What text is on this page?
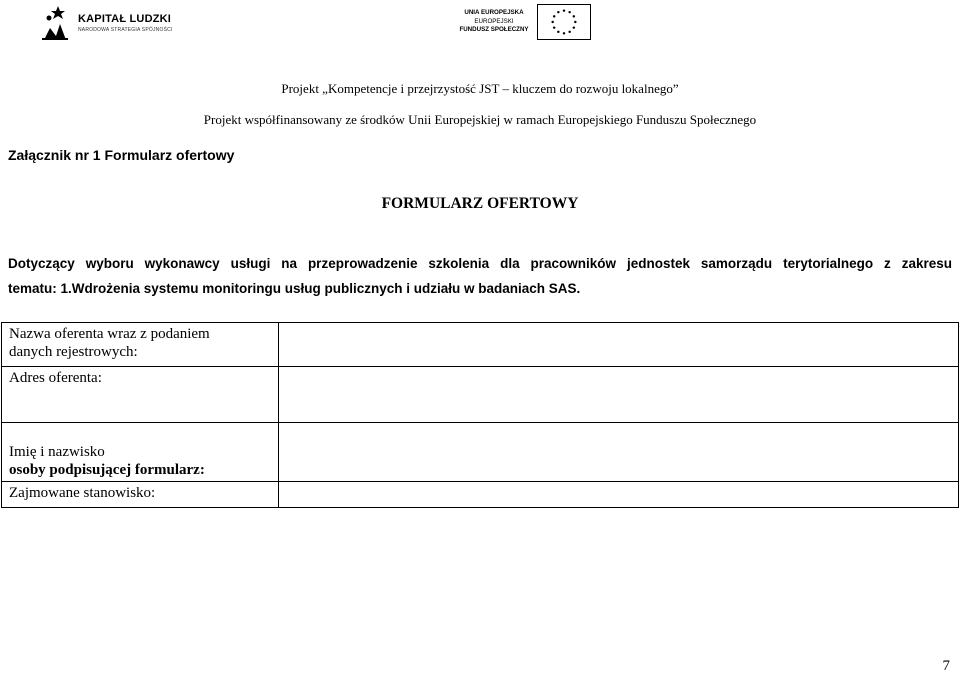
KAPITAŁ LUDZKI
NARODOWA STRATEGIA SPÓJNOŚCI
UNIA EUROPEJSKA
EUROPEJSKI
FUNDUSZ SPOŁECZNY
Projekt „Kompetencje i przejrzystość JST – kluczem do rozwoju lokalnego”
Projekt współfinansowany ze środków Unii Europejskiej w ramach Europejskiego Funduszu Społecznego
Załącznik nr 1 Formularz ofertowy
FORMULARZ OFERTOWY
Dotyczący wyboru wykonawcy usługi na przeprowadzenie szkolenia dla pracowników jednostek samorządu terytorialnego z zakresu
tematu: 1.Wdrożenia systemu monitoringu usług publicznych i udziału w badaniach SAS.
Nazwa oferenta wraz z podaniem
danych rejestrowych:	

Adres oferenta:	

Imię i nazwisko
osoby podpisującej formularz:	

Zajmowane stanowisko:	

7
